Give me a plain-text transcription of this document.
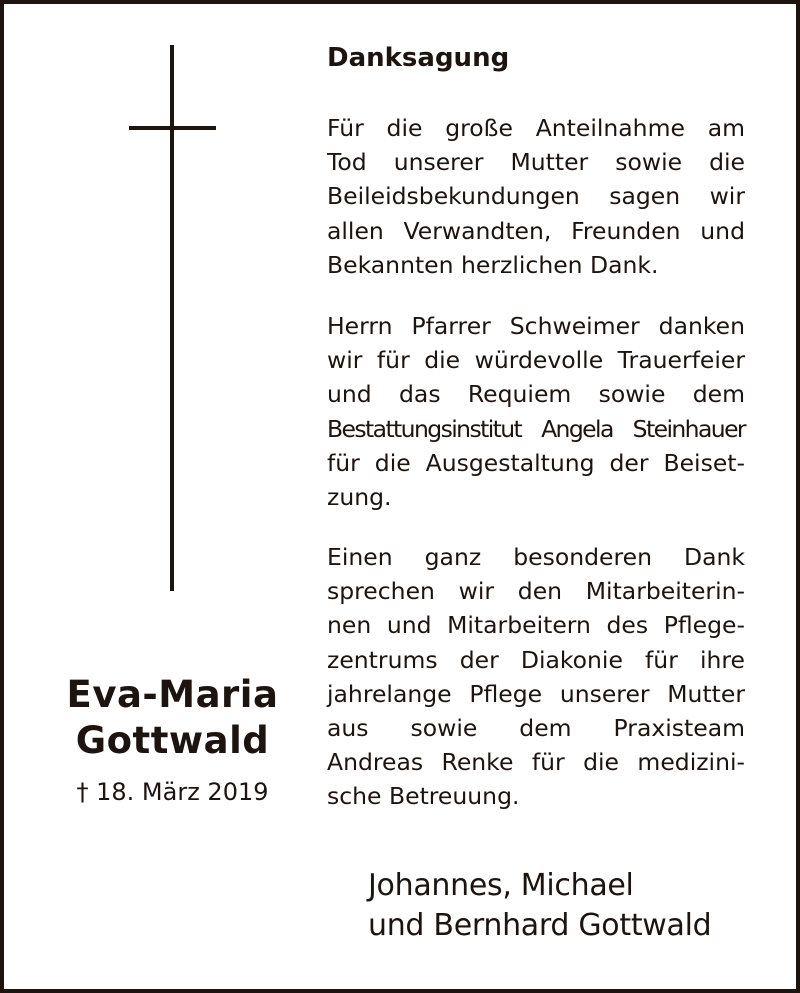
Eva-Maria
Gottwald
† 18. März 2019
Danksagung
Für die große Anteilnahme am
Tod unserer Mutter sowie die
Beileidsbekundungen sagen wir
allen Verwandten, Freunden und
Bekannten herzlichen Dank.
Herrn Pfarrer Schweimer danken
wir für die würdevolle Trauerfeier
und das Requiem sowie dem
Bestattungsinstitut Angela Steinhauer
für die Ausgestaltung der Beiset-
zung.
Einen ganz besonderen Dank
sprechen wir den Mitarbeiterin-
nen und Mitarbeitern des Pflege-
zentrums der Diakonie für ihre
jahrelange Pflege unserer Mutter
aus sowie dem Praxisteam
Andreas Renke für die medizini-
sche Betreuung.
Johannes, Michael
und Bernhard Gottwald
